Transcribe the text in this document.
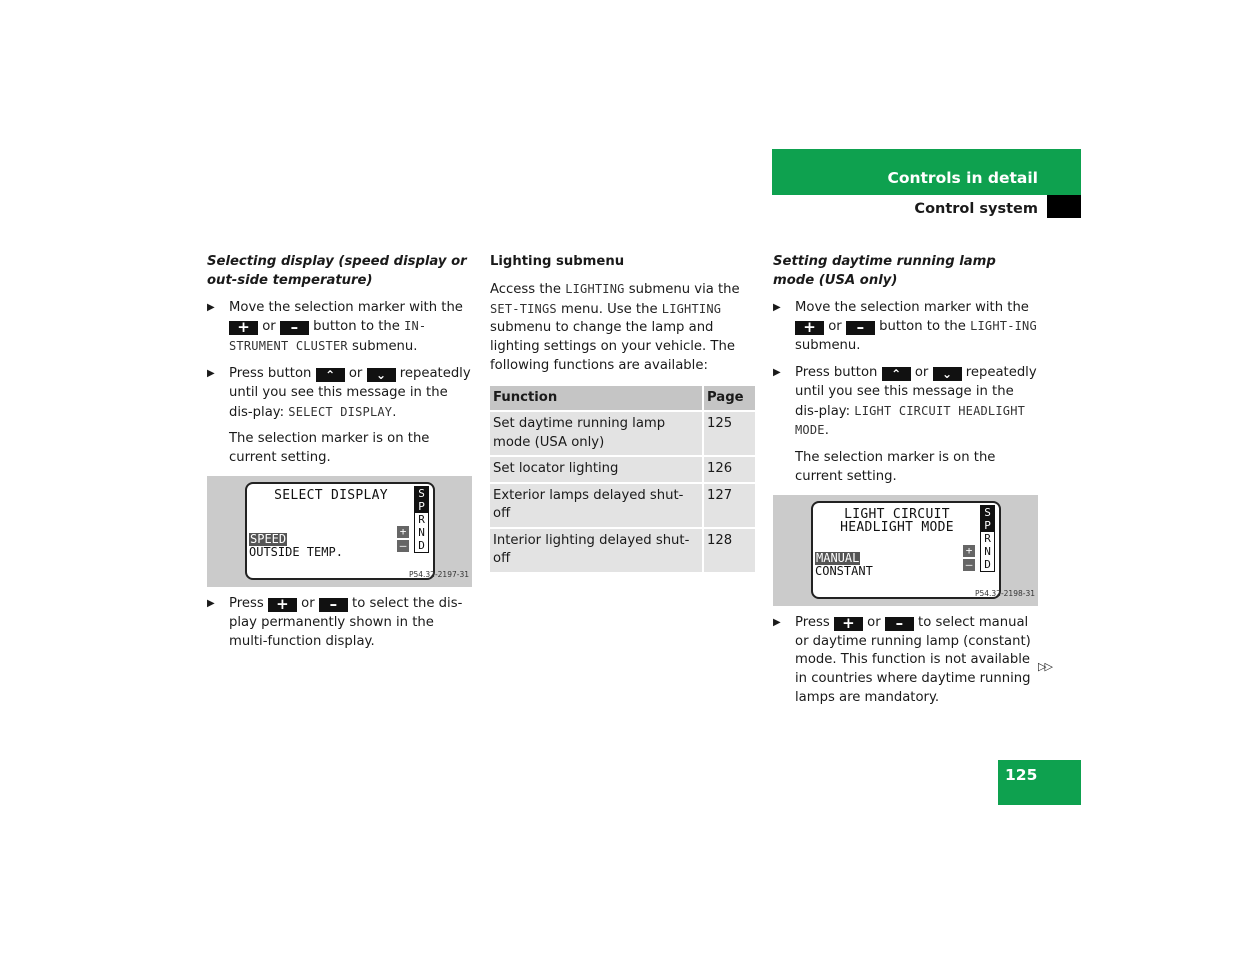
Controls in detail
Control system
Selecting display (speed display or out-side temperature)
▶ Move the selection marker with the + or – button to the IN-STRUMENT CLUSTER submenu.
▶ Press button ⌃ or ⌄ repeatedly until you see this message in the dis-play: SELECT DISPLAY.
The selection marker is on the current setting.
SELECT DISPLAY
SPEED
OUTSIDE TEMP.
+
–
S
P
R
N
D
P54.32-2197-31
▶ Press + or – to select the dis-play permanently shown in the multi-function display.
Lighting submenu

Access the LIGHTING submenu via the SET-TINGS menu. Use the LIGHTING submenu to change the lamp and lighting settings on your vehicle. The following functions are available:

Function	Page
Set daytime running lamp mode (USA only)	125
Set locator lighting	126
Exterior lamps delayed shut-off	127
Interior lighting delayed shut-off	128
Setting daytime running lamp mode (USA only)
▶ Move the selection marker with the + or – button to the LIGHT-ING submenu.
▶ Press button ⌃ or ⌄ repeatedly until you see this message in the dis-play: LIGHT CIRCUIT HEADLIGHT MODE.
The selection marker is on the current setting.
LIGHT CIRCUIT
HEADLIGHT MODE
MANUAL
CONSTANT
+
–
S
P
R
N
D
P54.32-2198-31
▶ Press + or – to select manual or daytime running lamp (constant) mode. This function is not available in countries where daytime running lamps are mandatory.
▷▷
125
